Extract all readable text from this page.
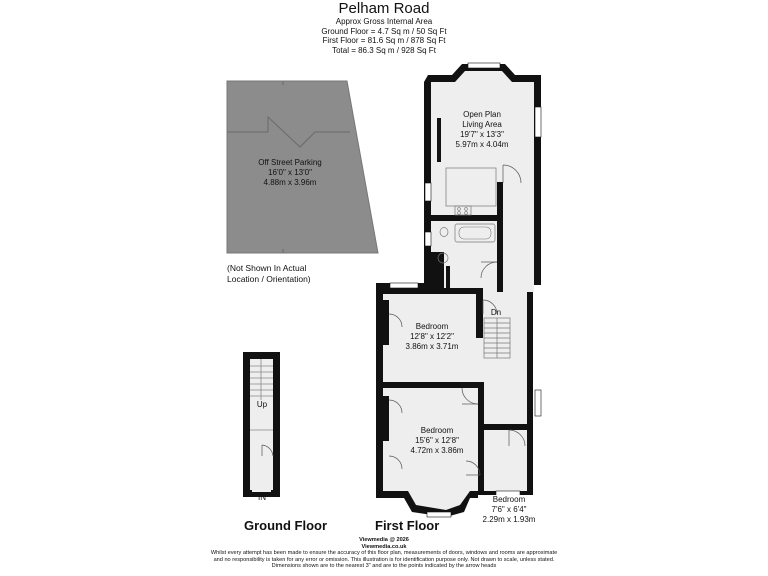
Pelham Road
Approx Gross Internal Area
Ground Floor = 4.7 Sq m / 50 Sq Ft
First Floor = 81.6 Sq m / 878 Sq Ft
Total = 86.3 Sq m / 928 Sq Ft
Off Street Parking
16'0" x 13'0"
4.88m x 3.96m
(Not Shown In Actual
Location / Orientation)
Open Plan
Living Area
19'7" x 13'3"
5.97m x 4.04m
Bedroom
12'8" x 12'2"
3.86m x 3.71m
Bedroom
15'6" x 12'8"
4.72m x 3.86m
Bedroom
7'6" x 6'4"
2.29m x 1.93m
Dn
Up
IN
Ground Floor	First Floor
Viewmedia @ 2026
Viewmedia.co.uk
Whilst every attempt has been made to ensure the accuracy of this floor plan, measurements of doors, windows and rooms are approximate
and no responsibility is taken for any error or omission. This illustration is for identification purpose only. Not drawn to scale, unless stated.
Dimensions shown are to the nearest 3" and are to the points indicated by the arrow heads
